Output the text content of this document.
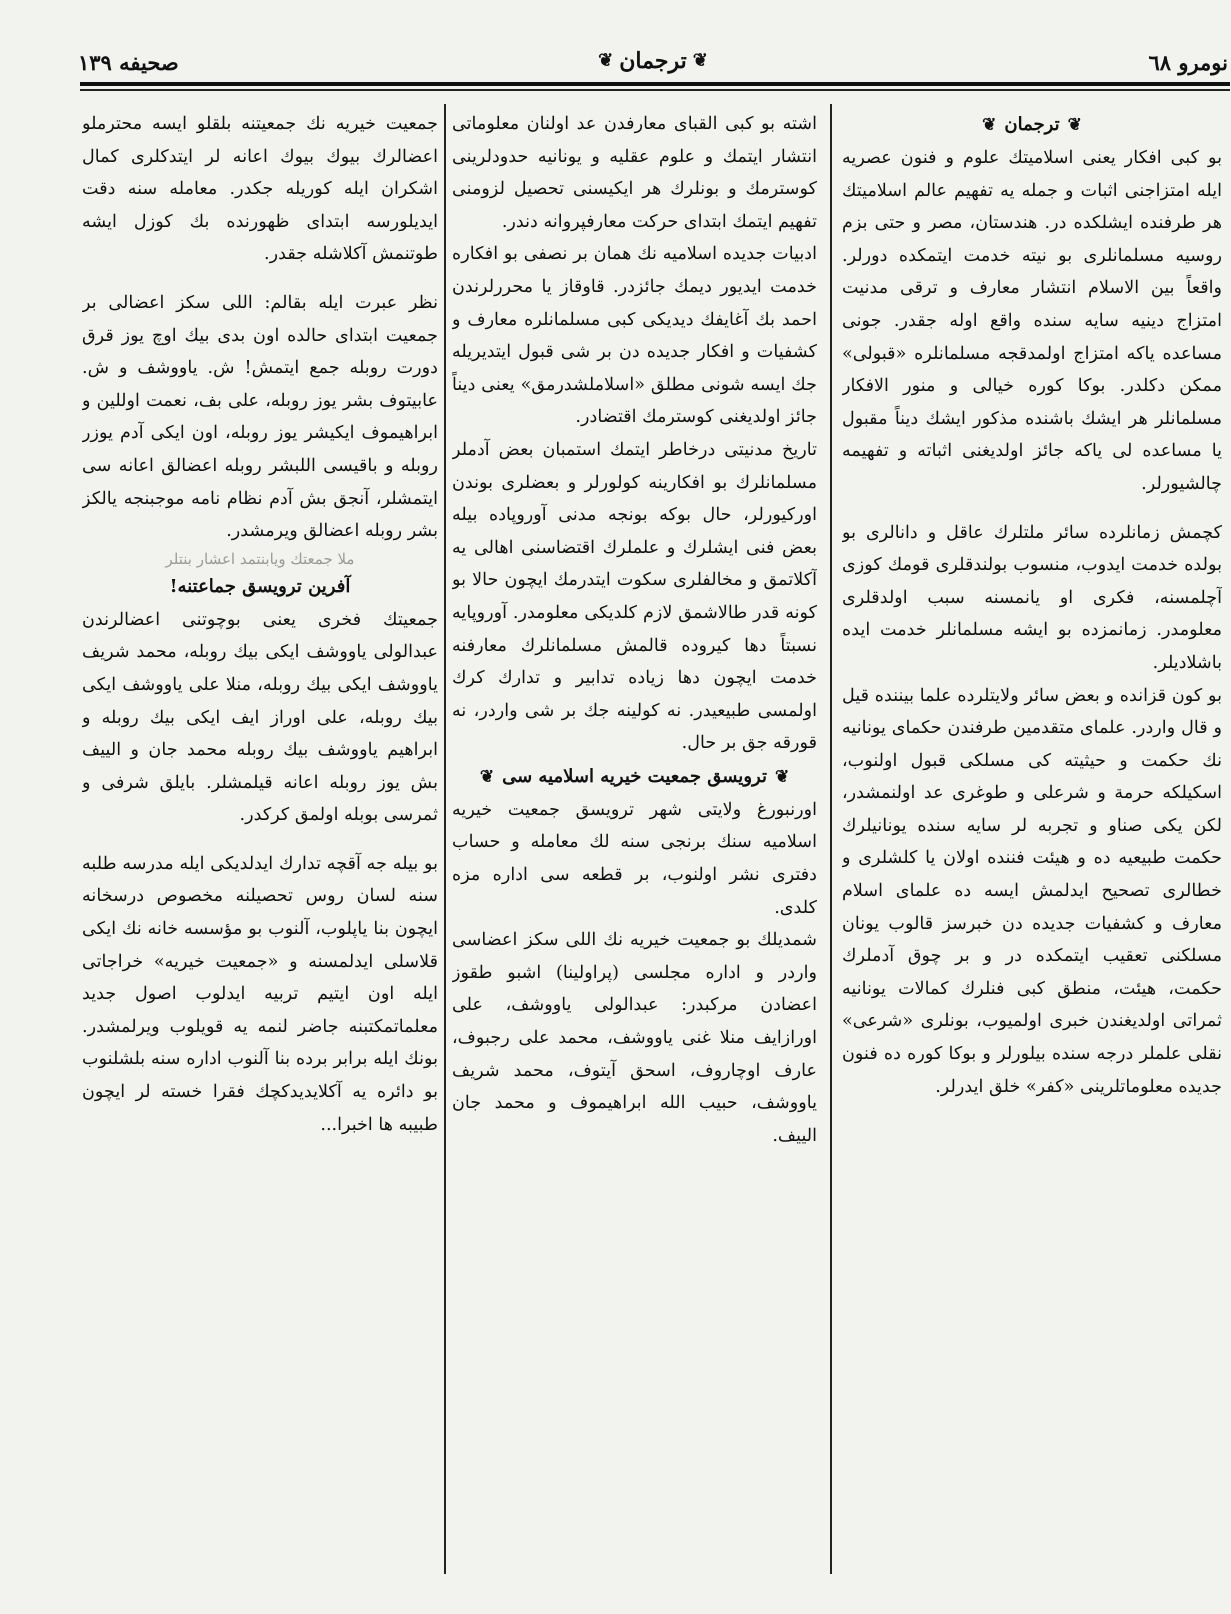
نومرو ٦٨
❦
ترجمان
❦
صحيفه ١٣٩
❦
ترجمان
❦

بو كبى افكار يعنى اسلاميتك علوم و فنون عصريه ايله امتزاجنى اثبات و جمله يه تفهيم عالم اسلاميتك هر طرفنده ايشلكده در. هندستان، مصر و حتى بزم روسيه مسلمانلرى بو نيته خدمت ايتمكده دورلر. واقعاً بين الاسلام انتشار معارف و ترقى مدنيت امتزاج دينيه سايه سنده واقع اوله جقدر. جونى مساعده ياكه امتزاج اولمدقجه مسلمانلره «قبولى» ممكن دكلدر. بوكا كوره خيالى و منور الافكار مسلمانلر هر ايشك باشنده مذكور ايشك ديناً مقبول يا مساعده لى ياكه جائز اولديغنى اثباته و تفهيمه چالشيورلر.

كچمش زمانلرده سائر ملتلرك عاقل و دانالرى بو بولده خدمت ايدوب، منسوب بولندقلرى قومك كوزى آچلمسنه، فكرى او يانمسنه سبب اولدقلرى معلومدر. زمانمزده بو ايشه مسلمانلر خدمت ايده باشلاديلر.

بو كون قزانده و بعض سائر ولايتلرده علما بيننده قيل و قال واردر. علماى متقدمين طرفندن حكماى يونانيه نك حكمت و حيثيته كى مسلكى قبول اولنوب، اسكيلكه حرمة و شرعلى و طوغرى عد اولنمشدر، لكن يكى صناو و تجربه لر سايه سنده يونانيلرك حكمت طبيعيه ده و هيئت فننده اولان يا كلشلرى و خطالرى تصحيح ايدلمش ايسه ده علماى اسلام معارف و كشفيات جديده دن خبرسز قالوب يونان مسلكنى تعقيب ايتمكده در و بر چوق آدملرك حكمت، هيئت، منطق كبى فنلرك كمالات يونانيه ثمراتى اولديغندن خبرى اولميوب، بونلرى «شرعى» نقلى علملر درجه سنده بيلورلر و بوكا كوره ده فنون جديده معلوماتلرينى «كفر» خلق ايدرلر.

اشته بو كبى القباى معارفدن عد اولنان معلوماتى انتشار ايتمك و علوم عقليه و يونانيه حدودلرينى كوسترمك و بونلرك هر ايكيسنى تحصيل لزومنى تفهيم ايتمك ابتداى حركت معارفپروانه دندر.

ادبيات جديده اسلاميه نك همان بر نصفى بو افكاره خدمت ايديور ديمك جائزدر. قاوقاز يا محررلرندن احمد بك آغايفك ديديكى كبى مسلمانلره معارف و كشفيات و افكار جديده دن بر شى قبول ايتديريله جك ايسه شونى مطلق «اسلاملشدرمق» يعنى ديناً جائز اولديغنى كوسترمك اقتضادر.

تاريخ مدنيتى درخاطر ايتمك استمبان بعض آدملر مسلمانلرك بو افكارينه كولورلر و بعضلرى بوندن اوركيورلر، حال بوكه بونجه مدنى آوروپاده بيله بعض فنى ايشلرك و علملرك اقتضاسنى اهالى يه آكلاتمق و مخالفلرى سكوت ايتدرمك ايچون حالا بو كونه قدر طالاشمق لازم كلديكى معلومدر. آوروپايه نسبتاً دها كيروده قالمش مسلمانلرك معارفنه خدمت ايچون دها زياده تدابير و تدارك كرك اولمسى طبيعيدر. نه كولينه جك بر شى واردر، نه قورقه جق بر حال.

❦
ترويسق جمعيت خيريه اسلاميه سى
❦

اورنبورغ ولايتى شهر ترويسق جمعيت خيريه اسلاميه سنك برنجى سنه لك معامله و حساب دفترى نشر اولنوب، بر قطعه سى اداره مزه كلدى.

شمديلك بو جمعيت خيريه نك اللى سكز اعضاسى واردر و اداره مجلسى (پراولينا) اشبو طقوز اعضادن مركبدر: عبدالولى ياووشف، على اورازايف منلا غنى ياووشف، محمد على رجبوف، عارف اوچاروف، اسحق آيتوف، محمد شريف ياووشف، حبيب الله ابراهيموف و محمد جان الييف.

جمعيت خيريه نك جمعيتنه بلقلو ايسه محترملو اعضالرك بيوك بيوك اعانه لر ايتدكلرى كمال اشكران ايله كوريله جكدر. معامله سنه دقت ايديلورسه ابتداى ظهورنده بك كوزل ايشه طوتنمش آكلاشله جقدر.

نظر عبرت ايله بقالم: اللى سكز اعضالى بر جمعيت ابتداى حالده اون بدى بيك اوچ يوز قرق دورت روبله جمع ايتمش! ش. ياووشف و ش. عابيتوف بشر يوز روبله، على بف، نعمت اوللين و ابراهيموف ايكيشر يوز روبله، اون ايكى آدم يوزر روبله و باقيسى اللبشر روبله اعضالق اعانه سى ايتمشلر، آنجق بش آدم نظام نامه موجبنجه يالكز بشر روبله اعضالق ويرمشدر.

ملا جمعتك ويابنتمد اعشار بنتلر
آفرين ترويسق جماعتنه!

جمعيتك فخرى يعنى بوچوتنى اعضالرندن عبدالولى ياووشف ايكى بيك روبله، محمد شريف ياووشف ايكى بيك روبله، منلا على ياووشف ايكى بيك روبله، على اوراز ايف ايكى بيك روبله و ابراهيم ياووشف بيك روبله محمد جان و الييف بش يوز روبله اعانه قيلمشلر. بايلق شرفى و ثمرسى بوبله اولمق كركدر.

بو بيله جه آقچه تدارك ايدلديكى ايله مدرسه طلبه سنه لسان روس تحصيلنه مخصوص درسخانه ايچون بنا ياپلوب، آلنوب بو مؤسسه خانه نك ايكى قلاسلى ايدلمسنه و «جمعيت خيريه» خراجاتى ايله اون ايتيم تربيه ايدلوب اصول جديد معلماتمكتبنه جاضر لنمه يه قويلوب ويرلمشدر. بونك ايله برابر برده بنا آلنوب اداره سنه بلشلنوب بو دائره يه آكلايديدكچك فقرا خسته لر ايچون طبيبه ها اخبرا...
